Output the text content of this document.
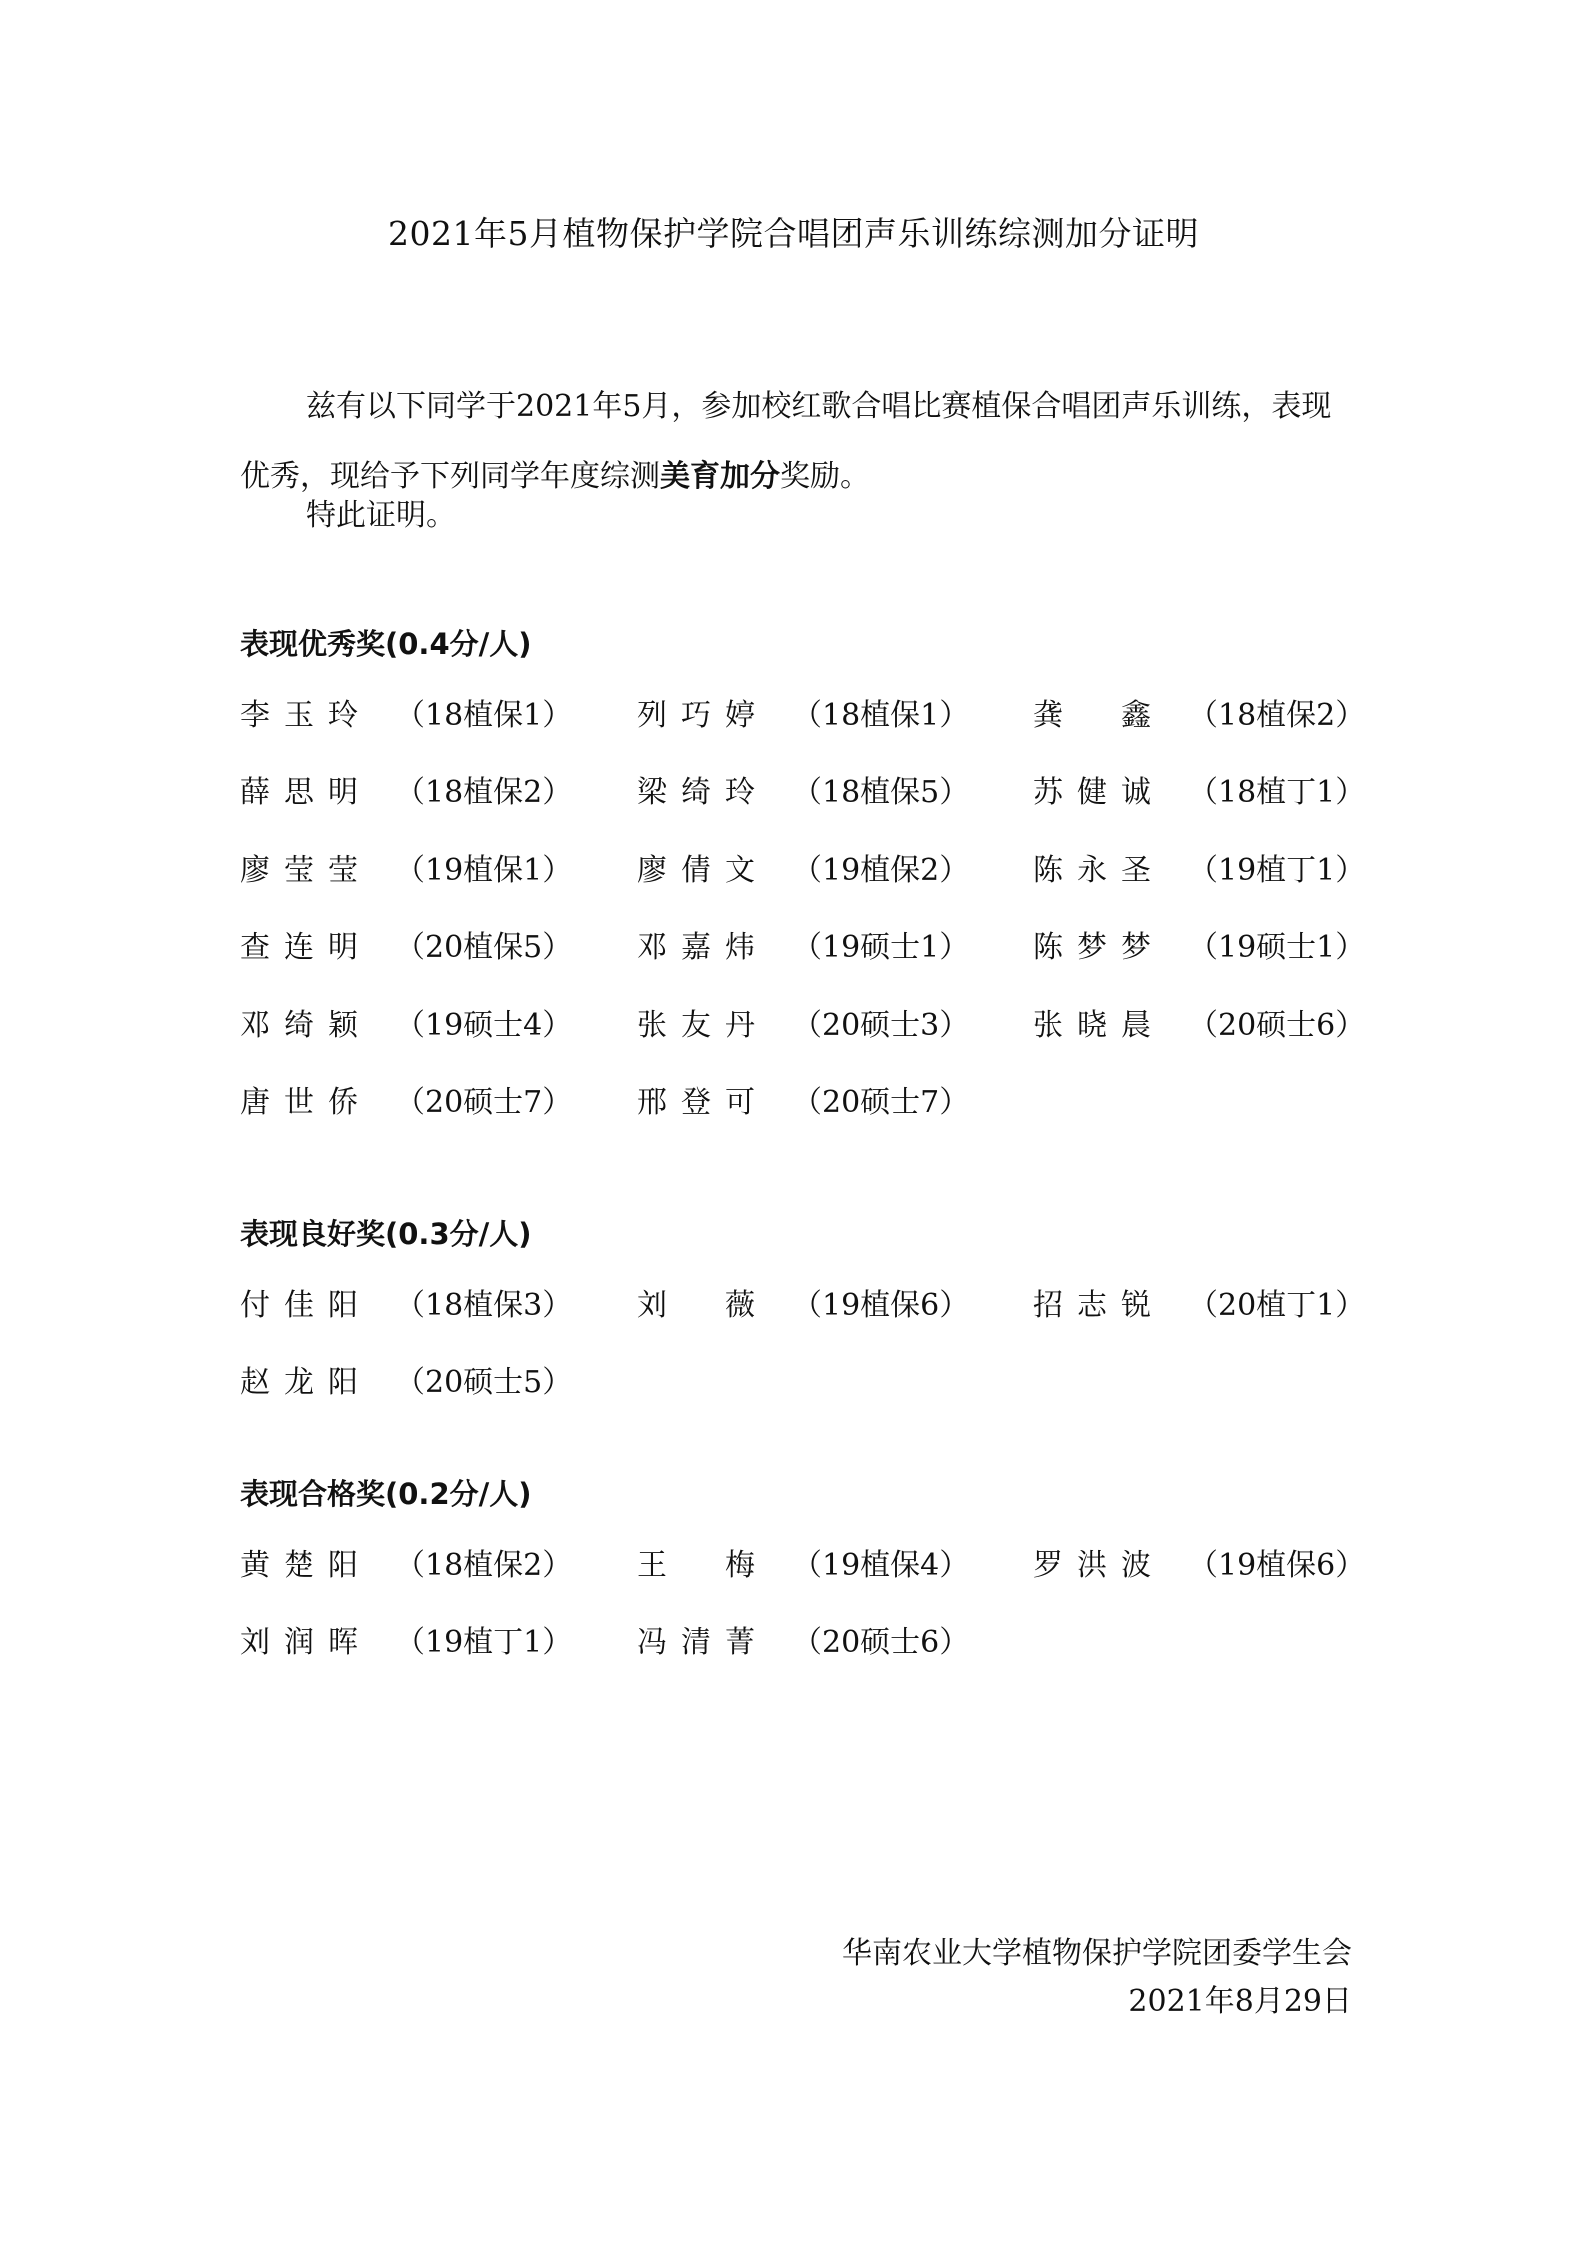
2021年5月植物保护学院合唱团声乐训练综测加分证明
兹有以下同学于2021年5月，参加校红歌合唱比赛植保合唱团声乐训练，表现优秀，现给予下列同学年度综测美育加分奖励。
特此证明。
表现优秀奖(0.4分/人)
李玉玲 （18植保1） 列巧婷 （18植保1） 龚　鑫 （18植保2）
薛思明 （18植保2） 梁绮玲 （18植保5） 苏健诚 （18植丁1）
廖莹莹 （19植保1） 廖倩文 （19植保2） 陈永圣 （19植丁1）
查连明 （20植保5） 邓嘉炜 （19硕士1） 陈梦梦 （19硕士1）
邓绮颖 （19硕士4） 张友丹 （20硕士3） 张晓晨 （20硕士6）
唐世侨 （20硕士7） 邢登可 （20硕士7）
表现良好奖(0.3分/人)
付佳阳 （18植保3） 刘　薇 （19植保6） 招志锐 （20植丁1）
赵龙阳 （20硕士5）
表现合格奖(0.2分/人)
黄楚阳 （18植保2） 王　梅 （19植保4） 罗洪波 （19植保6）
刘润晖 （19植丁1） 冯清菁 （20硕士6）
华南农业大学植物保护学院团委学生会
2021年8月29日
